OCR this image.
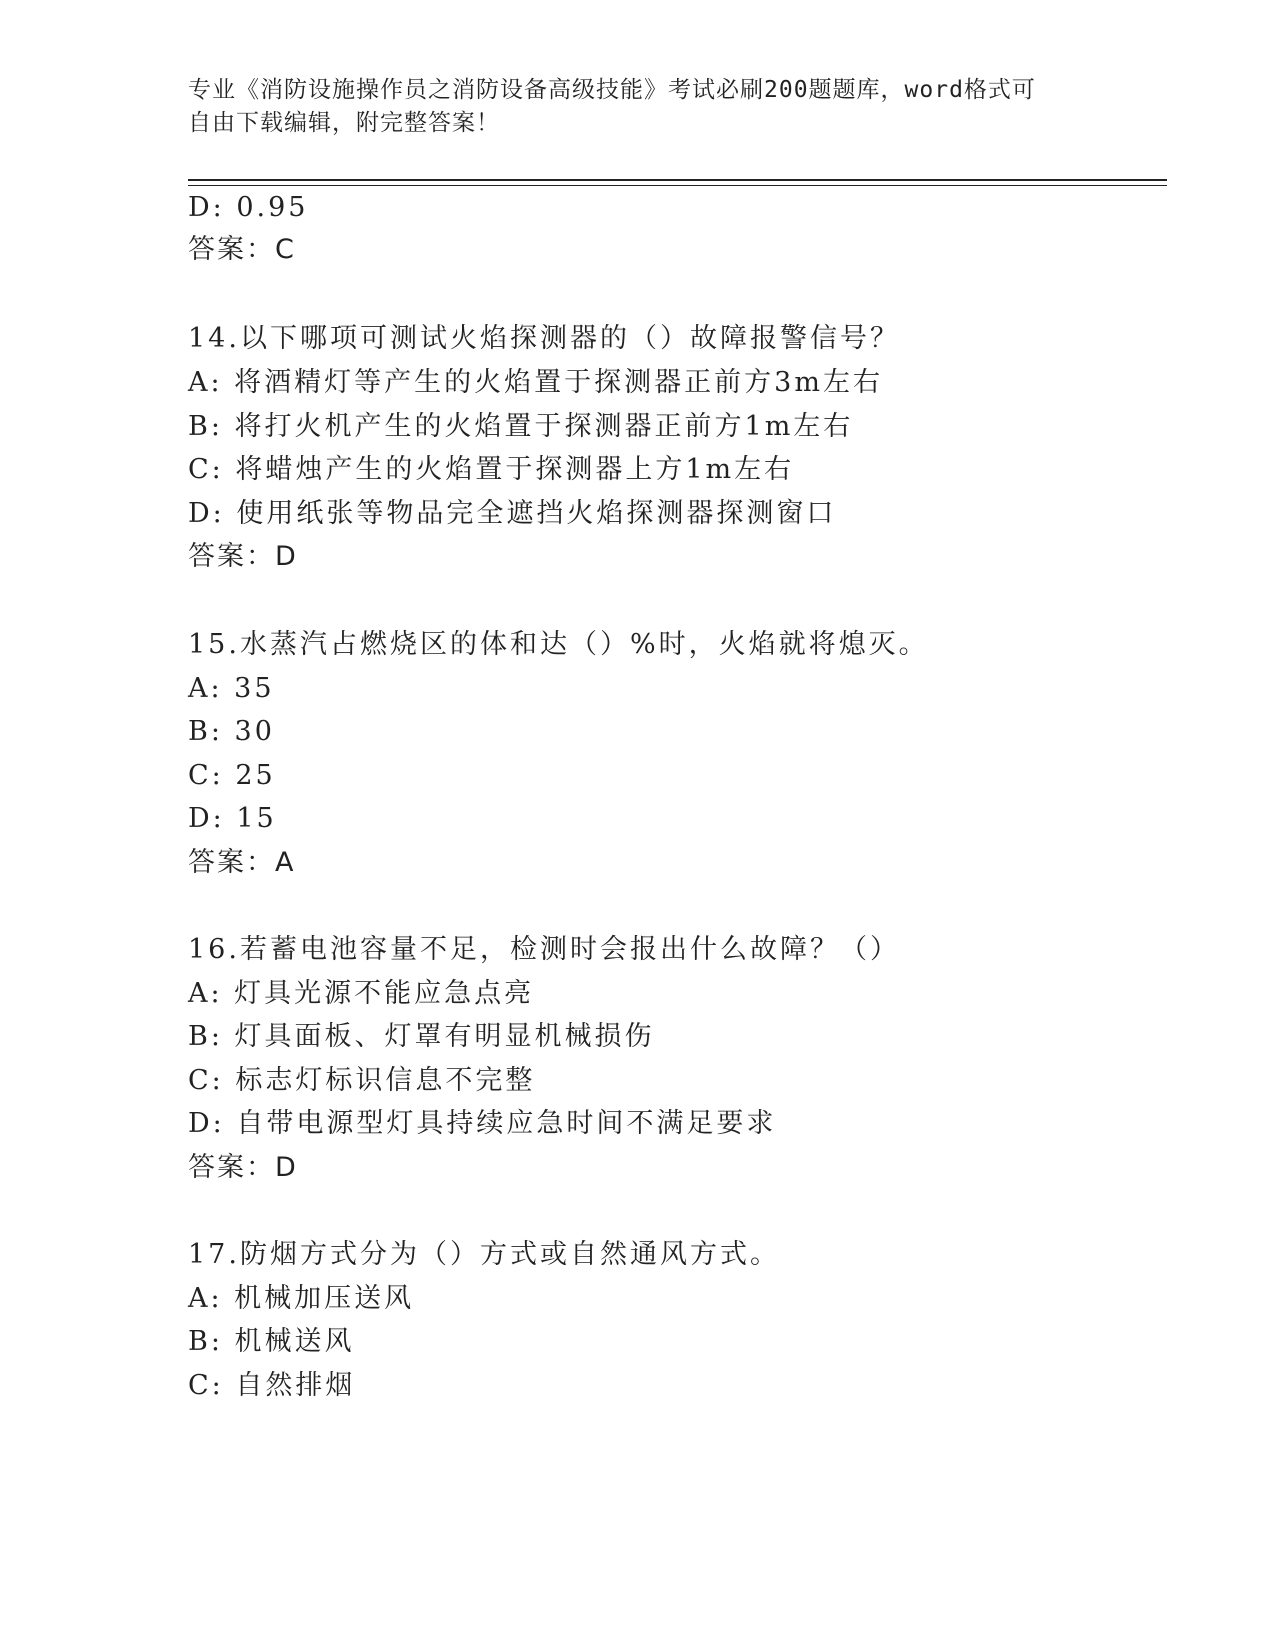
专业《消防设施操作员之消防设备高级技能》考试必刷200题题库，word格式可
自由下载编辑，附完整答案！
D: 0.95
答案：C
14.以下哪项可测试火焰探测器的（）故障报警信号？
A: 将酒精灯等产生的火焰置于探测器正前方3m左右
B: 将打火机产生的火焰置于探测器正前方1m左右
C: 将蜡烛产生的火焰置于探测器上方1m左右
D: 使用纸张等物品完全遮挡火焰探测器探测窗口
答案：D
15.水蒸汽占燃烧区的体和达（）%时，火焰就将熄灭。
A: 35
B: 30
C: 25
D: 15
答案：A
16.若蓄电池容量不足，检测时会报出什么故障？（）
A: 灯具光源不能应急点亮
B: 灯具面板、灯罩有明显机械损伤
C: 标志灯标识信息不完整
D: 自带电源型灯具持续应急时间不满足要求
答案：D
17.防烟方式分为（）方式或自然通风方式。
A: 机械加压送风
B: 机械送风
C: 自然排烟
